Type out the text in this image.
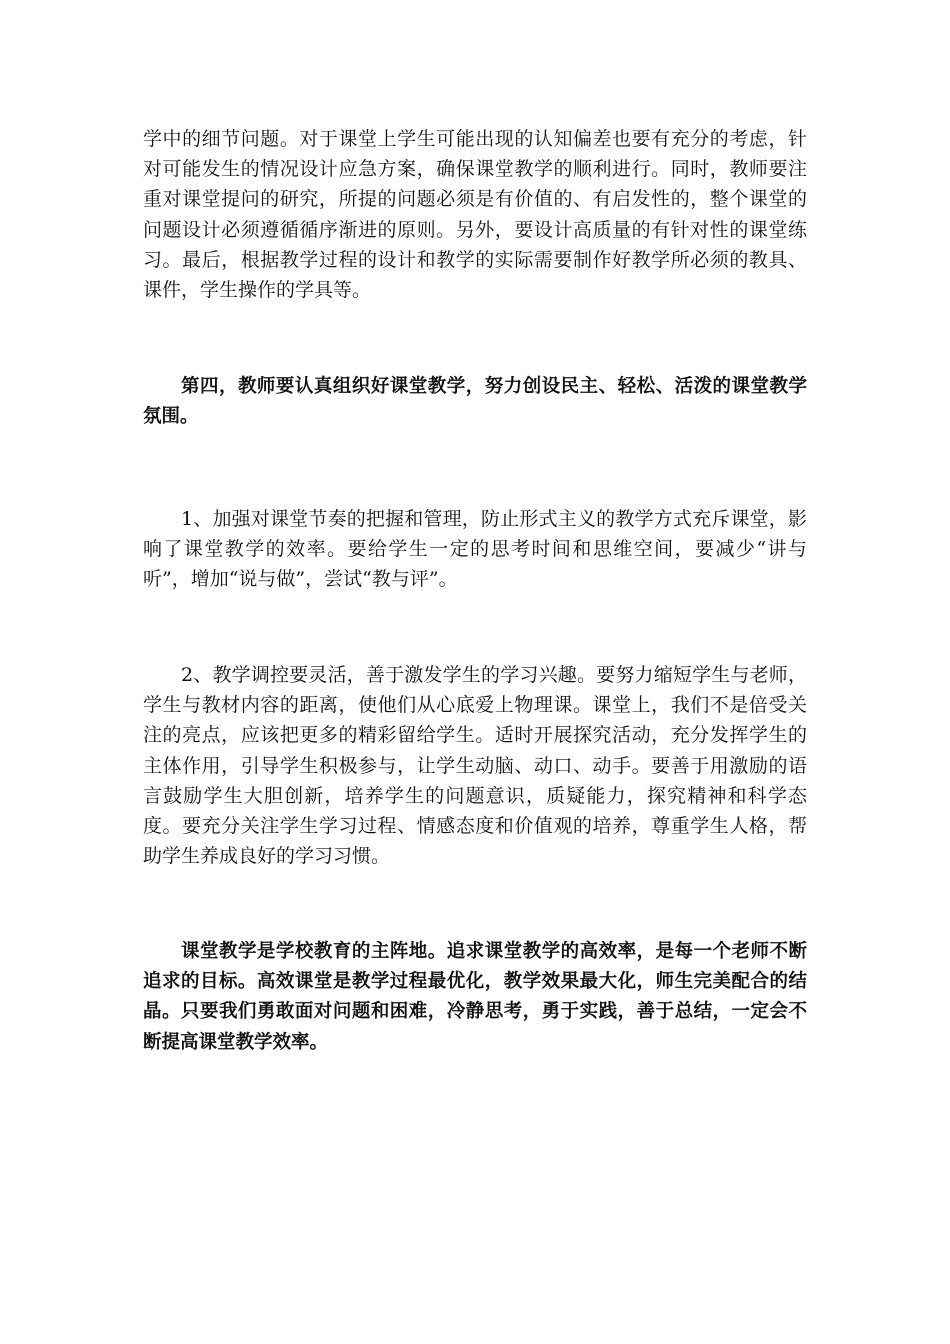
学中的细节问题。对于课堂上学生可能出现的认知偏差也要有充分的考虑，针对可能发生的情况设计应急方案，确保课堂教学的顺利进行。同时，教师要注重对课堂提问的研究，所提的问题必须是有价值的、有启发性的，整个课堂的问题设计必须遵循循序渐进的原则。另外，要设计高质量的有针对性的课堂练习。最后，根据教学过程的设计和教学的实际需要制作好教学所必须的教具、课件，学生操作的学具等。

第四，教师要认真组织好课堂教学，努力创设民主、轻松、活泼的课堂教学氛围。

1、加强对课堂节奏的把握和管理，防止形式主义的教学方式充斥课堂，影响了课堂教学的效率。要给学生一定的思考时间和思维空间，要减少“讲与听”，增加“说与做”，尝试“教与评”。

2、教学调控要灵活，善于激发学生的学习兴趣。要努力缩短学生与老师，学生与教材内容的距离，使他们从心底爱上物理课。课堂上，我们不是倍受关注的亮点，应该把更多的精彩留给学生。适时开展探究活动，充分发挥学生的主体作用，引导学生积极参与，让学生动脑、动口、动手。要善于用激励的语言鼓励学生大胆创新，培养学生的问题意识，质疑能力，探究精神和科学态度。要充分关注学生学习过程、情感态度和价值观的培养，尊重学生人格，帮助学生养成良好的学习习惯。

课堂教学是学校教育的主阵地。追求课堂教学的高效率，是每一个老师不断追求的目标。高效课堂是教学过程最优化，教学效果最大化，师生完美配合的结晶。只要我们勇敢面对问题和困难，冷静思考，勇于实践，善于总结，一定会不断提高课堂教学效率。
